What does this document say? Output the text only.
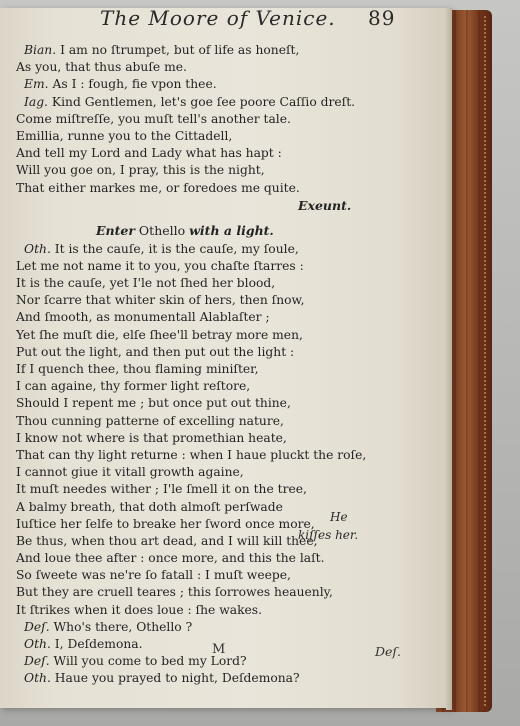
The Moore of Venice. 89
Bian. I am no ſtrumpet, but of life as honeſt,
As you, that thus abuſe me.
Em. As I : fough, fie vpon thee.
Iag. Kind Gentlemen, let's goe ſee poore Caſſio dreſt.
Come miſtreſſe, you muſt tell's another tale.
Emillia, runne you to the Cittadell,
And tell my Lord and Lady what has hapt :
Will you goe on, I pray, this is the night,
That either markes me, or foredoes me quite.
Exeunt.
Enter Othello with a light.
Oth. It is the cauſe, it is the cauſe, my ſoule,
Let me not name it to you, you chaſte ſtarres :
It is the cauſe, yet I'le not ſhed her blood,
Nor ſcarre that whiter skin of hers, then ſnow,
And ſmooth, as monumentall Alablaſter ;
Yet ſhe muſt die, elſe ſhee'll betray more men,
Put out the light, and then put out the light :
If I quench thee, thou flaming miniſter,
I can againe, thy former light reſtore,
Should I repent me ; but once put out thine,
Thou cunning patterne of excelling nature,
I know not where is that promethian heate,
That can thy light returne : when I haue pluckt the roſe,
I cannot giue it vitall growth againe,
It muſt needes wither ; I'le ſmell it on the tree,
A balmy breath, that doth almoſt perſwade
Iuſtice her ſelfe to breake her ſword once more,
Be thus, when thou art dead, and I will kill thee,
And loue thee after : once more, and this the laſt.
So ſweete was ne're ſo fatall : I muſt weepe,
But they are cruell teares ; this ſorrowes heauenly,
It ſtrikes when it does loue : ſhe wakes.
Deſ. Who's there, Othello ?
Oth. I, Deſdemona.
Deſ. Will you come to bed my Lord?
Oth. Haue you prayed to night, Deſdemona?
He
kiſſes her.
M	Deſ.
